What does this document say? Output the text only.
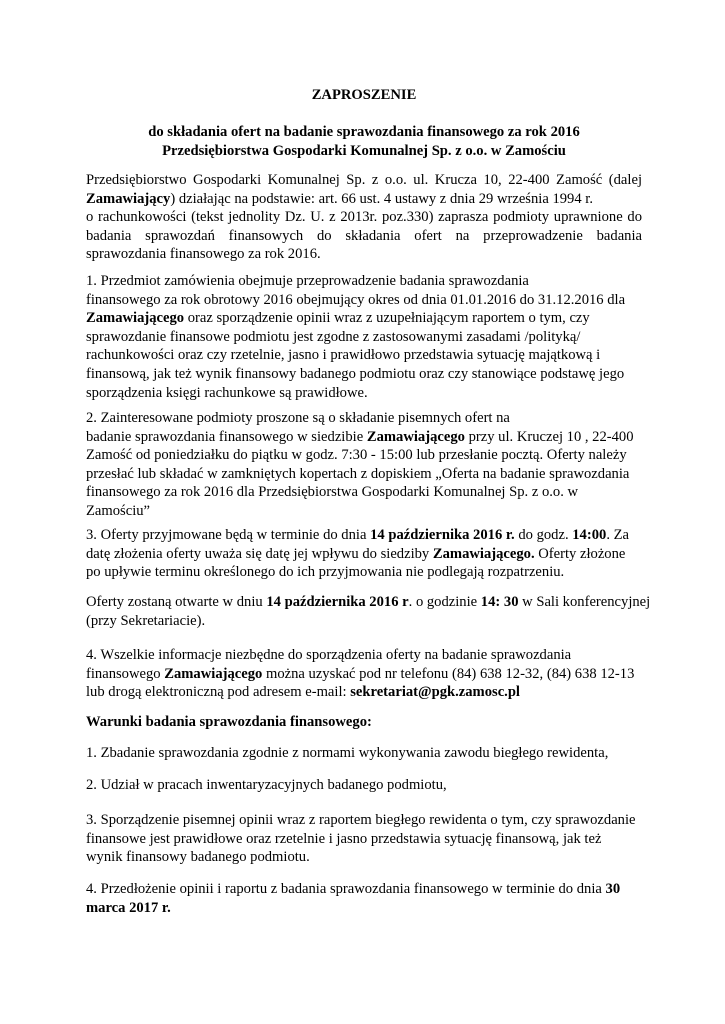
ZAPROSZENIE
do składania ofert na badanie sprawozdania finansowego za rok 2016
Przedsiębiorstwa Gospodarki Komunalnej Sp. z o.o. w Zamościu
Przedsiębiorstwo Gospodarki Komunalnej Sp. z o.o. ul. Krucza 10, 22-400 Zamość (dalej
Zamawiający) działając na podstawie: art. 66 ust. 4 ustawy z dnia 29 września 1994 r.
o rachunkowości (tekst jednolity Dz. U. z 2013r. poz.330) zaprasza podmioty uprawnione do
badania sprawozdań finansowych do składania ofert na przeprowadzenie badania
sprawozdania finansowego za rok 2016.
1. Przedmiot zamówienia obejmuje przeprowadzenie badania sprawozdania
finansowego za rok obrotowy 2016 obejmujący okres od dnia 01.01.2016 do 31.12.2016 dla
Zamawiającego oraz sporządzenie opinii wraz z uzupełniającym raportem o tym, czy
sprawozdanie finansowe podmiotu jest zgodne z zastosowanymi zasadami /polityką/
rachunkowości oraz czy rzetelnie, jasno i prawidłowo przedstawia sytuację majątkową i
finansową, jak też wynik finansowy badanego podmiotu oraz czy stanowiące podstawę jego
sporządzenia księgi rachunkowe są prawidłowe.
2. Zainteresowane podmioty proszone są o składanie pisemnych ofert na
badanie sprawozdania finansowego w siedzibie Zamawiającego przy ul. Kruczej 10 , 22-400
Zamość od poniedziałku do piątku w godz. 7:30 - 15:00 lub przesłanie pocztą. Oferty należy
przesłać lub składać w zamkniętych kopertach z dopiskiem „Oferta na badanie sprawozdania
finansowego za rok 2016 dla Przedsiębiorstwa Gospodarki Komunalnej Sp. z o.o. w
Zamościu”
3. Oferty przyjmowane będą w terminie do dnia 14 października 2016 r. do godz. 14:00. Za
datę złożenia oferty uważa się datę jej wpływu do siedziby Zamawiającego. Oferty złożone
po upływie terminu określonego do ich przyjmowania nie podlegają rozpatrzeniu.
Oferty zostaną otwarte w dniu 14 października 2016 r. o godzinie 14: 30 w Sali konferencyjnej
(przy Sekretariacie).
4. Wszelkie informacje niezbędne do sporządzenia oferty na badanie sprawozdania
finansowego Zamawiającego można uzyskać pod nr telefonu (84) 638 12-32, (84) 638 12-13
lub drogą elektroniczną pod adresem e-mail: sekretariat@pgk.zamosc.pl
Warunki badania sprawozdania finansowego:
1. Zbadanie sprawozdania zgodnie z normami wykonywania zawodu biegłego rewidenta,
2. Udział w pracach inwentaryzacyjnych badanego podmiotu,
3. Sporządzenie pisemnej opinii wraz z raportem biegłego rewidenta o tym, czy sprawozdanie
finansowe jest prawidłowe oraz rzetelnie i jasno przedstawia sytuację finansową, jak też
wynik finansowy badanego podmiotu.
4. Przedłożenie opinii i raportu z badania sprawozdania finansowego w terminie do dnia 30
marca 2017 r.
